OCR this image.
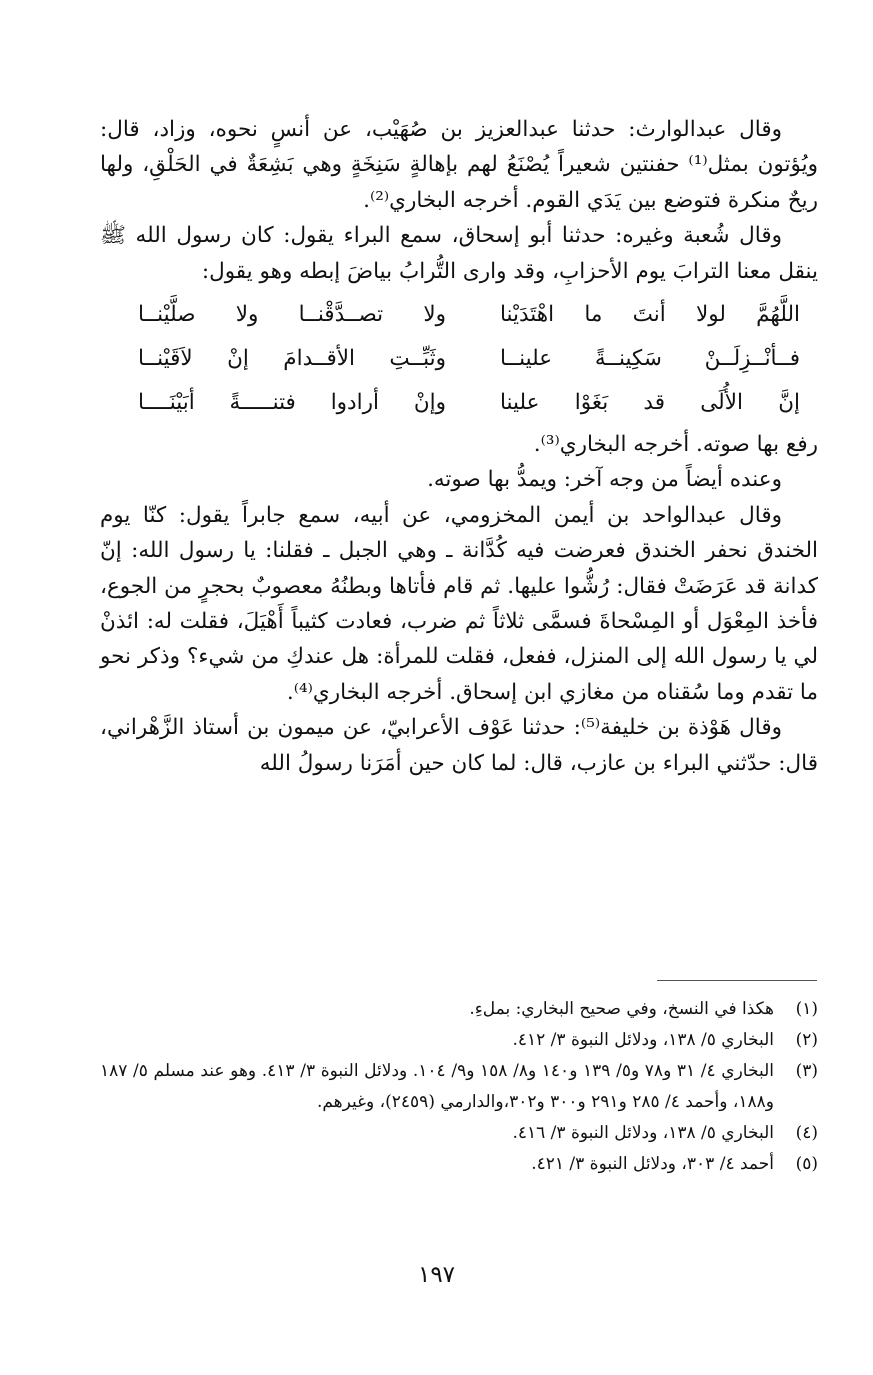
وقال عبدالوارث: حدثنا عبدالعزيز بن صُهَيْب، عن أنسٍ نحوه، وزاد، قال: ويُؤتون بمثل⁽¹⁾ حفنتين شعيراً يُصْنَعُ لهم بإهالةٍ سَنِخَةٍ وهي بَشِعَةٌ في الحَلْقِ، ولها ريحٌ منكرة فتوضع بين يَدَي القوم. أخرجه البخاري⁽²⁾.

وقال شُعبة وغيره: حدثنا أبو إسحاق، سمع البراء يقول: كان رسول الله ﷺ ينقل معنا الترابَ يوم الأحزابِ، وقد وارى التُّرابُ بياضَ إبطه وهو يقول:

اللَّهُمَّ لولا أنتَ ما اهْتَدَيْنا
ولا تصــدَّقْنــا ولا صلَّيْنــا
فــأنْــزِلَــنْ سَكِينــةً علينــا
وثَبِّــتِ الأقــدامَ إنْ لاَقَيْنــا
إنَّ الأُلَى قد بَغَوْا علينا
وإنْ أرادوا فتنـــــةً أبَيْنَــــا

رفع بها صوته. أخرجه البخاري⁽³⁾.

وعنده أيضاً من وجه آخر: ويمدُّ بها صوته.

وقال عبدالواحد بن أيمن المخزومي، عن أبيه، سمع جابراً يقول: كنّا يوم الخندق نحفر الخندق فعرضت فيه كُدَّانة ـ وهي الجبل ـ فقلنا: يا رسول الله: إنّ كدانة قد عَرَضَتْ فقال: رُشُّوا عليها. ثم قام فأتاها وبطنُهُ معصوبٌ بحجرٍ من الجوع، فأخذ المِعْوَل أو المِسْحاةَ فسمَّى ثلاثاً ثم ضرب، فعادت كثيباً أَهْيَلَ، فقلت له: ائذنْ لي يا رسول الله إلى المنزل، ففعل، فقلت للمرأة: هل عندكِ من شيء؟ وذكر نحو ما تقدم وما سُقناه من مغازي ابن إسحاق. أخرجه البخاري⁽⁴⁾.

وقال هَوْذة بن خليفة⁽⁵⁾: حدثنا عَوْف الأعرابيّ، عن ميمون بن أستاذ الزَّهْراني، قال: حدّثني البراء بن عازب، قال: لما كان حين أمَرَنا رسولُ الله

(١)
هكذا في النسخ، وفي صحيح البخاري: بملءِ.
(٢)
البخاري ٥/ ١٣٨، ودلائل النبوة ٣/ ٤١٢.
(٣)
البخاري ٤/ ٣١ و٧٨ و٥/ ١٣٩ و١٤٠ و٨/ ١٥٨ و٩/ ١٠٤. ودلائل النبوة ٣/ ٤١٣. وهو عند مسلم ٥/ ١٨٧ و١٨٨، وأحمد ٤/ ٢٨٥ و٢٩١ و٣٠٠ و٣٠٢،والدارمي (٢٤٥٩)، وغيرهم.
(٤)
البخاري ٥/ ١٣٨، ودلائل النبوة ٣/ ٤١٦.
(٥)
أحمد ٤/ ٣٠٣، ودلائل النبوة ٣/ ٤٢١.
١٩٧
